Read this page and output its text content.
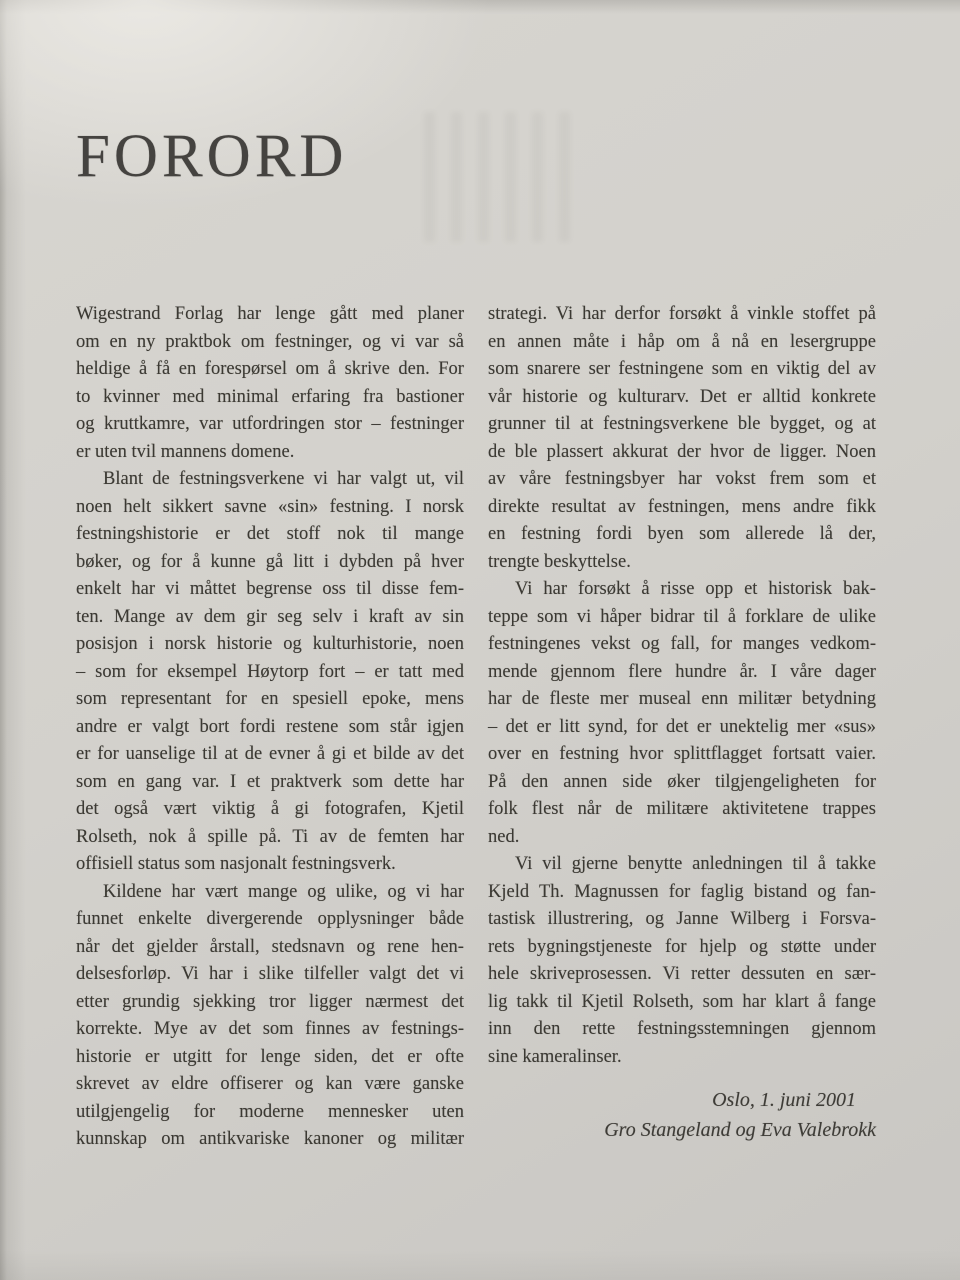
FORORD
Wigestrand Forlag har lenge gått med planer
om en ny praktbok om festninger, og vi var så
heldige å få en forespørsel om å skrive den. For
to kvinner med minimal erfaring fra bastioner
og kruttkamre, var utfordringen stor – festninger
er uten tvil mannens domene.
Blant de festningsverkene vi har valgt ut, vil
noen helt sikkert savne «sin» festning. I norsk
festningshistorie er det stoff nok til mange
bøker, og for å kunne gå litt i dybden på hver
enkelt har vi måttet begrense oss til disse fem-
ten. Mange av dem gir seg selv i kraft av sin
posisjon i norsk historie og kulturhistorie, noen
– som for eksempel Høytorp fort – er tatt med
som representant for en spesiell epoke, mens
andre er valgt bort fordi restene som står igjen
er for uanselige til at de evner å gi et bilde av det
som en gang var. I et praktverk som dette har
det også vært viktig å gi fotografen, Kjetil
Rolseth, nok å spille på. Ti av de femten har
offisiell status som nasjonalt festningsverk.
Kildene har vært mange og ulike, og vi har
funnet enkelte divergerende opplysninger både
når det gjelder årstall, stedsnavn og rene hen-
delsesforløp. Vi har i slike tilfeller valgt det vi
etter grundig sjekking tror ligger nærmest det
korrekte. Mye av det som finnes av festnings-
historie er utgitt for lenge siden, det er ofte
skrevet av eldre offiserer og kan være ganske
utilgjengelig for moderne mennesker uten
kunnskap om antikvariske kanoner og militær
strategi. Vi har derfor forsøkt å vinkle stoffet på
en annen måte i håp om å nå en lesergruppe
som snarere ser festningene som en viktig del av
vår historie og kulturarv. Det er alltid konkrete
grunner til at festningsverkene ble bygget, og at
de ble plassert akkurat der hvor de ligger. Noen
av våre festningsbyer har vokst frem som et
direkte resultat av festningen, mens andre fikk
en festning fordi byen som allerede lå der,
trengte beskyttelse.
Vi har forsøkt å risse opp et historisk bak-
teppe som vi håper bidrar til å forklare de ulike
festningenes vekst og fall, for manges vedkom-
mende gjennom flere hundre år. I våre dager
har de fleste mer museal enn militær betydning
– det er litt synd, for det er unektelig mer «sus»
over en festning hvor splittflagget fortsatt vaier.
På den annen side øker tilgjengeligheten for
folk flest når de militære aktivitetene trappes
ned.
Vi vil gjerne benytte anledningen til å takke
Kjeld Th. Magnussen for faglig bistand og fan-
tastisk illustrering, og Janne Wilberg i Forsva-
rets bygningstjeneste for hjelp og støtte under
hele skriveprosessen. Vi retter dessuten en sær-
lig takk til Kjetil Rolseth, som har klart å fange
inn den rette festningsstemningen gjennom
sine kameralinser.
Oslo, 1. juni 2001
Gro Stangeland og Eva Valebrokk
